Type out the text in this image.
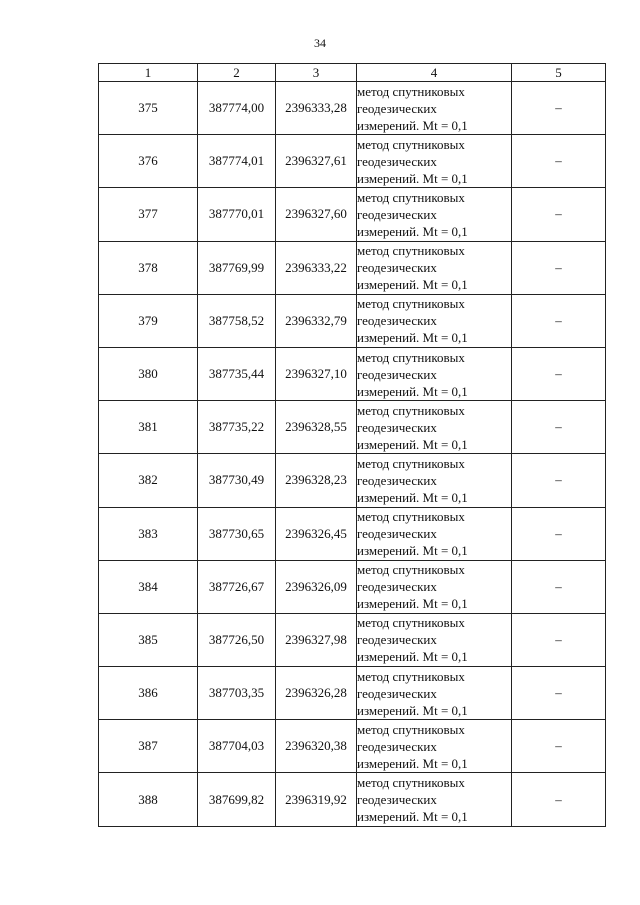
34
1	2	3	4	5
375	387774,00	2396333,28	метод спутниковых
геодезических
измерений. Mt = 0,1	–
376	387774,01	2396327,61	метод спутниковых
геодезических
измерений. Mt = 0,1	–
377	387770,01	2396327,60	метод спутниковых
геодезических
измерений. Mt = 0,1	–
378	387769,99	2396333,22	метод спутниковых
геодезических
измерений. Mt = 0,1	–
379	387758,52	2396332,79	метод спутниковых
геодезических
измерений. Mt = 0,1	–
380	387735,44	2396327,10	метод спутниковых
геодезических
измерений. Mt = 0,1	–
381	387735,22	2396328,55	метод спутниковых
геодезических
измерений. Mt = 0,1	–
382	387730,49	2396328,23	метод спутниковых
геодезических
измерений. Mt = 0,1	–
383	387730,65	2396326,45	метод спутниковых
геодезических
измерений. Mt = 0,1	–
384	387726,67	2396326,09	метод спутниковых
геодезических
измерений. Mt = 0,1	–
385	387726,50	2396327,98	метод спутниковых
геодезических
измерений. Mt = 0,1	–
386	387703,35	2396326,28	метод спутниковых
геодезических
измерений. Mt = 0,1	–
387	387704,03	2396320,38	метод спутниковых
геодезических
измерений. Mt = 0,1	–
388	387699,82	2396319,92	метод спутниковых
геодезических
измерений. Mt = 0,1	–
